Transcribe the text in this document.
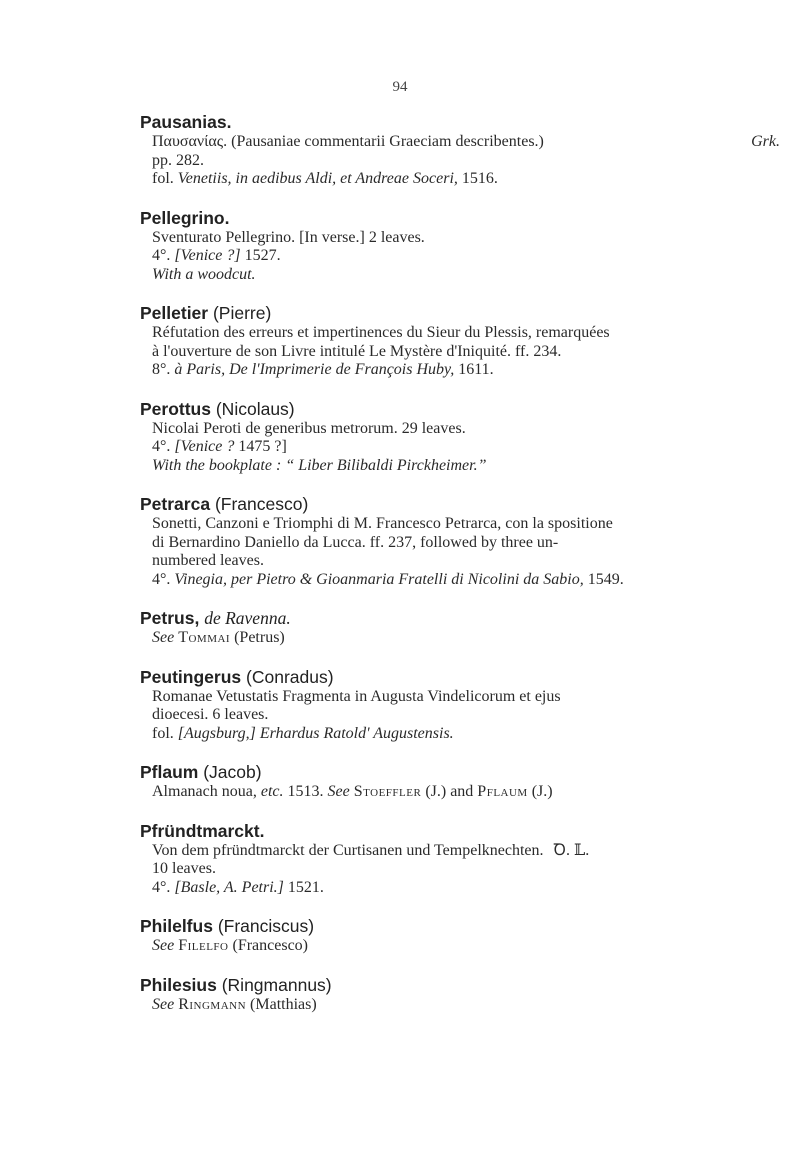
94
Pausanias.
Παυσανίας. (Pausaniae commentarii Graeciam describentes.)	Grk.
pp. 282.
fol. Venetiis, in aedibus Aldi, et Andreae Soceri, 1516.
Pellegrino.
Sventurato Pellegrino. [In verse.] 2 leaves.
4°. [Venice ?] 1527.
With a woodcut.
Pelletier (Pierre)
Réfutation des erreurs et impertinences du Sieur du Plessis, remarquées
à l'ouverture de son Livre intitulé Le Mystère d'Iniquité. ff. 234.
8°. à Paris, De l'Imprimerie de François Huby, 1611.
Perottus (Nicolaus)
Nicolai Peroti de generibus metrorum. 29 leaves.
4°. [Venice ? 1475 ?]
With the bookplate : “ Liber Bilibaldi Pirckheimer.”
Petrarca (Francesco)
Sonetti, Canzoni e Triomphi di M. Francesco Petrarca, con la spositione
di Bernardino Daniello da Lucca. ff. 237, followed by three un-
numbered leaves.
4°. Vinegia, per Pietro & Gioanmaria Fratelli di Nicolini da Sabio, 1549.
Petrus, de Ravenna.
See Tommai (Petrus)
Peutingerus (Conradus)
Romanae Vetustatis Fragmenta in Augusta Vindelicorum et ejus
dioecesi. 6 leaves.
fol. [Augsburg,] Erhardus Ratold' Augustensis.
Pflaum (Jacob)
Almanach noua, etc. 1513. See Stoeffler (J.) and Pflaum (J.)
Pfründtmarckt.
Von dem pfründtmarckt der Curtisanen und Tempelknechten. Ꝺ. 𝕃.
10 leaves.
4°. [Basle, A. Petri.] 1521.
Philelfus (Franciscus)
See Filelfo (Francesco)
Philesius (Ringmannus)
See Ringmann (Matthias)
